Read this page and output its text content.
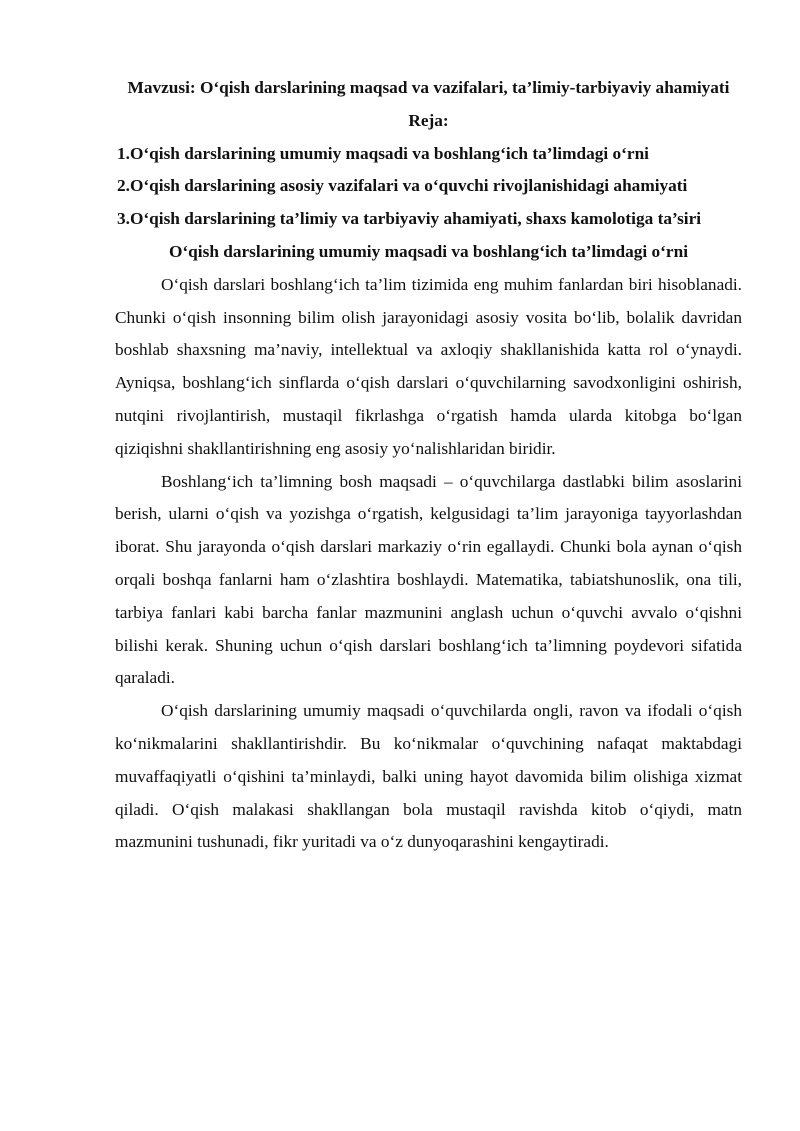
Mavzusi: O‘qish darslarining maqsad va vazifalari, ta’limiy-tarbiyaviy ahamiyati

Reja:

1.O‘qish darslarining umumiy maqsadi va boshlang‘ich ta’limdagi o‘rni
2.O‘qish darslarining asosiy vazifalari va o‘quvchi rivojlanishidagi ahamiyati
3.O‘qish darslarining ta’limiy va tarbiyaviy ahamiyati, shaxs kamolotiga ta’siri

O‘qish darslarining umumiy maqsadi va boshlang‘ich ta’limdagi o‘rni

O‘qish darslari boshlang‘ich ta’lim tizimida eng muhim fanlardan biri hisoblanadi. Chunki o‘qish insonning bilim olish jarayonidagi asosiy vosita bo‘lib, bolalik davridan boshlab shaxsning ma’naviy, intellektual va axloqiy shakllanishida katta rol o‘ynaydi. Ayniqsa, boshlang‘ich sinflarda o‘qish darslari o‘quvchilarning savodxonligini oshirish, nutqini rivojlantirish, mustaqil fikrlashga o‘rgatish hamda ularda kitobga bo‘lgan qiziqishni shakllantirishning eng asosiy yo‘nalishlaridan biridir.

Boshlang‘ich ta’limning bosh maqsadi – o‘quvchilarga dastlabki bilim asoslarini berish, ularni o‘qish va yozishga o‘rgatish, kelgusidagi ta’lim jarayoniga tayyorlashdan iborat. Shu jarayonda o‘qish darslari markaziy o‘rin egallaydi. Chunki bola aynan o‘qish orqali boshqa fanlarni ham o‘zlashtira boshlaydi. Matematika, tabiatshunoslik, ona tili, tarbiya fanlari kabi barcha fanlar mazmunini anglash uchun o‘quvchi avvalo o‘qishni bilishi kerak. Shuning uchun o‘qish darslari boshlang‘ich ta’limning poydevori sifatida qaraladi.

O‘qish darslarining umumiy maqsadi o‘quvchilarda ongli, ravon va ifodali o‘qish ko‘nikmalarini shakllantirishdir. Bu ko‘nikmalar o‘quvchining nafaqat maktabdagi muvaffaqiyatli o‘qishini ta’minlaydi, balki uning hayot davomida bilim olishiga xizmat qiladi. O‘qish malakasi shakllangan bola mustaqil ravishda kitob o‘qiydi, matn mazmunini tushunadi, fikr yuritadi va o‘z dunyoqarashini kengaytiradi.
